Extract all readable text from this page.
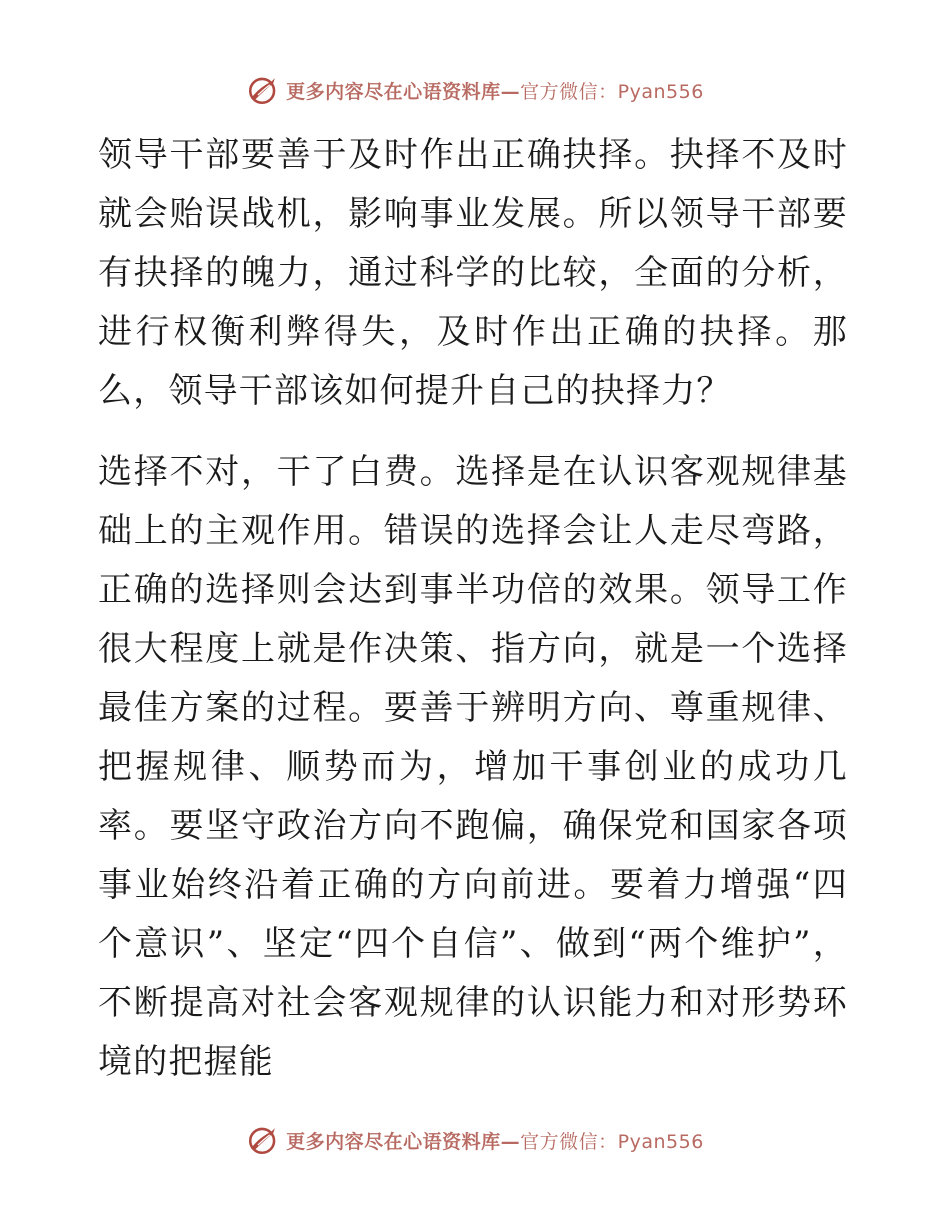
更多内容尽在心语资料库—官方微信：Pyan556

领导干部要善于及时作出正确抉择。抉择不及时就会贻误战机，影响事业发展。所以领导干部要有抉择的魄力，通过科学的比较，全面的分析，进行权衡利弊得失，及时作出正确的抉择。那么，领导干部该如何提升自己的抉择力？

选择不对，干了白费。选择是在认识客观规律基础上的主观作用。错误的选择会让人走尽弯路，正确的选择则会达到事半功倍的效果。领导工作很大程度上就是作决策、指方向，就是一个选择最佳方案的过程。要善于辨明方向、尊重规律、把握规律、顺势而为，增加干事创业的成功几率。要坚守政治方向不跑偏，确保党和国家各项事业始终沿着正确的方向前进。要着力增强“四个意识”、坚定“四个自信”、做到“两个维护”，不断提高对社会客观规律的认识能力和对形势环境的把握能

更多内容尽在心语资料库—官方微信：Pyan556
